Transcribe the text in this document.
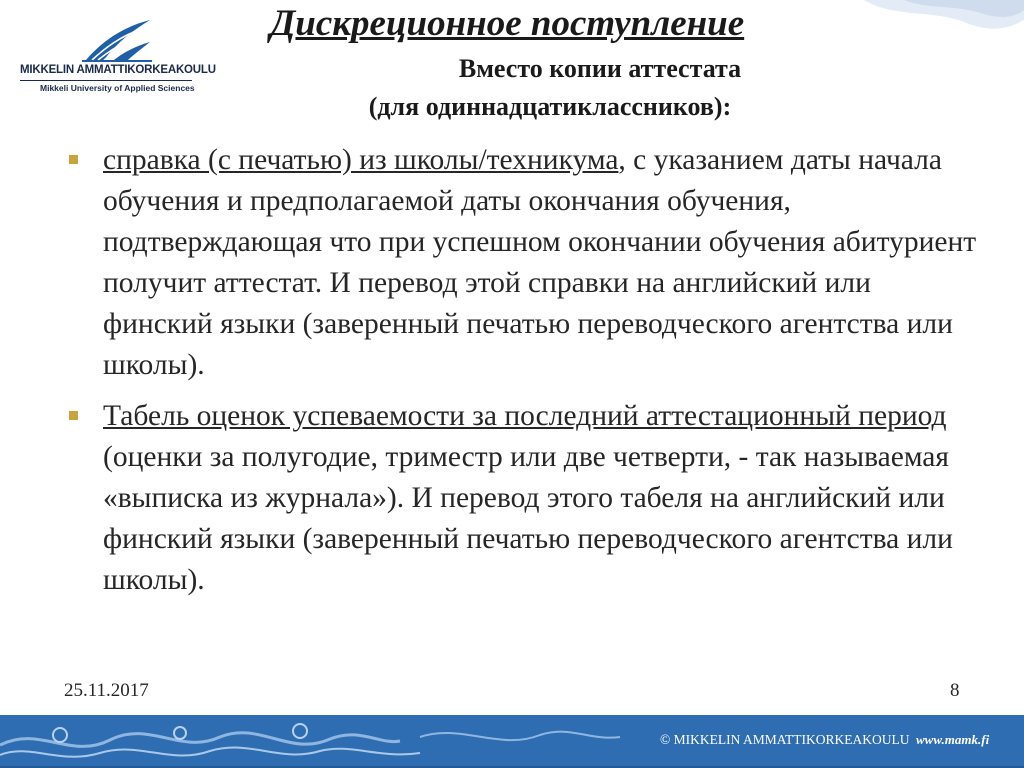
MIKKELIN AMMATTIKORKEAKOULU
Mikkeli University of Applied Sciences
Дискреционное поступление
Вместо копии аттестата
(для одиннадцатиклассников):
справка (с печатью) из школы/техникума, с указанием даты начала обучения и предполагаемой даты окончания обучения, подтверждающая что при успешном окончании обучения абитуриент получит аттестат. И перевод этой справки на английский или финский языки (заверенный печатью переводческого агентства или школы).
Табель оценок успеваемости за последний аттестационный период (оценки за полугодие, триместр или две четверти, - так называемая «выписка из журнала»). И перевод этого табеля на английский или финский языки (заверенный печатью переводческого агентства или школы).
25.11.2017	8
© MIKKELIN AMMATTIKORKEAKOULU www.mamk.fi
